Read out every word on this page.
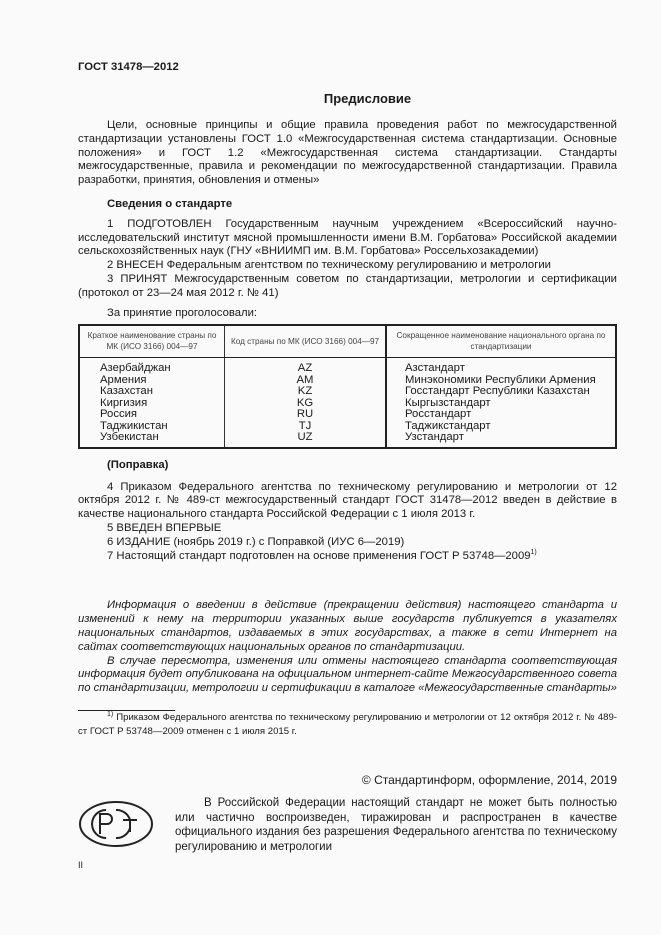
ГОСТ 31478—2012
Предисловие

Цели, основные принципы и общие правила проведения работ по межгосударственной стандартизации установлены ГОСТ 1.0 «Межгосударственная система стандартизации. Основные положения» и ГОСТ 1.2 «Межгосударственная система стандартизации. Стандарты межгосударственные, правила и рекомендации по межгосударственной стандартизации. Правила разработки, принятия, обновления и отмены»

Сведения о стандарте

1 ПОДГОТОВЛЕН Государственным научным учреждением «Всероссийский научно-исследовательский институт мясной промышленности имени В.М. Горбатова» Российской академии сельскохозяйственных наук (ГНУ «ВНИИМП им. В.М. Горбатова» Россельхозакадемии)

2 ВНЕСЕН Федеральным агентством по техническому регулированию и метрологии

3 ПРИНЯТ Межгосударственным советом по стандартизации, метрологии и сертификации (протокол от 23—24 мая 2012 г. № 41)

За принятие проголосовали:

Краткое наименование страны по МК (ИСО 3166) 004—97	Код страны по МК (ИСО 3166) 004—97	Сокращенное наименование национального органа по стандартизации
Азербайджан	AZ	Азстандарт
Армения	AM	Минэкономики Республики Армения
Казахстан	KZ	Госстандарт Республики Казахстан
Киргизия	KG	Кыргызстандарт
Россия	RU	Росстандарт
Таджикистан	TJ	Таджикстандарт
Узбекистан	UZ	Узстандарт

(Поправка)

4 Приказом Федерального агентства по техническому регулированию и метрологии от 12 октября 2012 г. № 489-ст межгосударственный стандарт ГОСТ 31478—2012 введен в действие в качестве национального стандарта Российской Федерации с 1 июля 2013 г.

5 ВВЕДЕН ВПЕРВЫЕ

6 ИЗДАНИЕ (ноябрь 2019 г.) с Поправкой (ИУС 6—2019)

7 Настоящий стандарт подготовлен на основе применения ГОСТ Р 53748—2009$^{1)}$

Информация о введении в действие (прекращении действия) настоящего стандарта и изменений к нему на территории указанных выше государств публикуется в указателях национальных стандартов, издаваемых в этих государствах, а также в сети Интернет на сайтах соответствующих национальных органов по стандартизации.

В случае пересмотра, изменения или отмены настоящего стандарта соответствующая информация будет опубликована на официальном интернет-сайте Межгосударственного совета по стандартизации, метрологии и сертификации в каталоге «Межгосударственные стандарты»

$^{1)}$ Приказом Федерального агентства по техническому регулированию и метрологии от 12 октября 2012 г. № 489-ст ГОСТ Р 53748—2009 отменен с 1 июля 2015 г.

© Стандартинформ, оформление, 2014, 2019

В Российской Федерации настоящий стандарт не может быть полностью или частично воспроизведен, тиражирован и распространен в качестве официального издания без разрешения Федерального агентства по техническому регулированию и метрологии

II
